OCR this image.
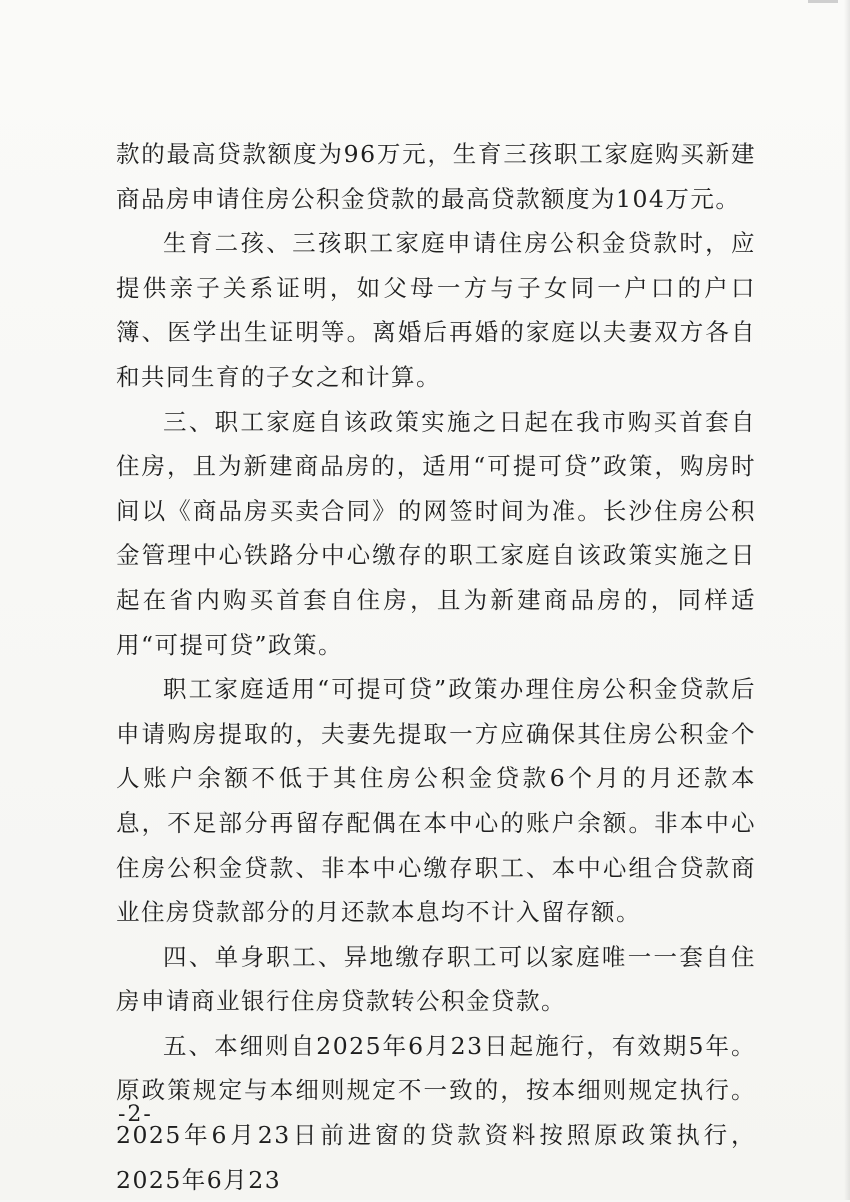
款的最高贷款额度为96万元，生育三孩职工家庭购买新建商品房申请住房公积金贷款的最高贷款额度为104万元。

生育二孩、三孩职工家庭申请住房公积金贷款时，应提供亲子关系证明，如父母一方与子女同一户口的户口簿、医学出生证明等。离婚后再婚的家庭以夫妻双方各自和共同生育的子女之和计算。

三、职工家庭自该政策实施之日起在我市购买首套自住房，且为新建商品房的，适用“可提可贷”政策，购房时间以《商品房买卖合同》的网签时间为准。长沙住房公积金管理中心铁路分中心缴存的职工家庭自该政策实施之日起在省内购买首套自住房，且为新建商品房的，同样适用“可提可贷”政策。

职工家庭适用“可提可贷”政策办理住房公积金贷款后申请购房提取的，夫妻先提取一方应确保其住房公积金个人账户余额不低于其住房公积金贷款6个月的月还款本息，不足部分再留存配偶在本中心的账户余额。非本中心住房公积金贷款、非本中心缴存职工、本中心组合贷款商业住房贷款部分的月还款本息均不计入留存额。

四、单身职工、异地缴存职工可以家庭唯一一套自住房申请商业银行住房贷款转公积金贷款。

五、本细则自2025年6月23日起施行，有效期5年。原政策规定与本细则规定不一致的，按本细则规定执行。2025年6月23日前进窗的贷款资料按照原政策执行，2025年6月23

-2-
